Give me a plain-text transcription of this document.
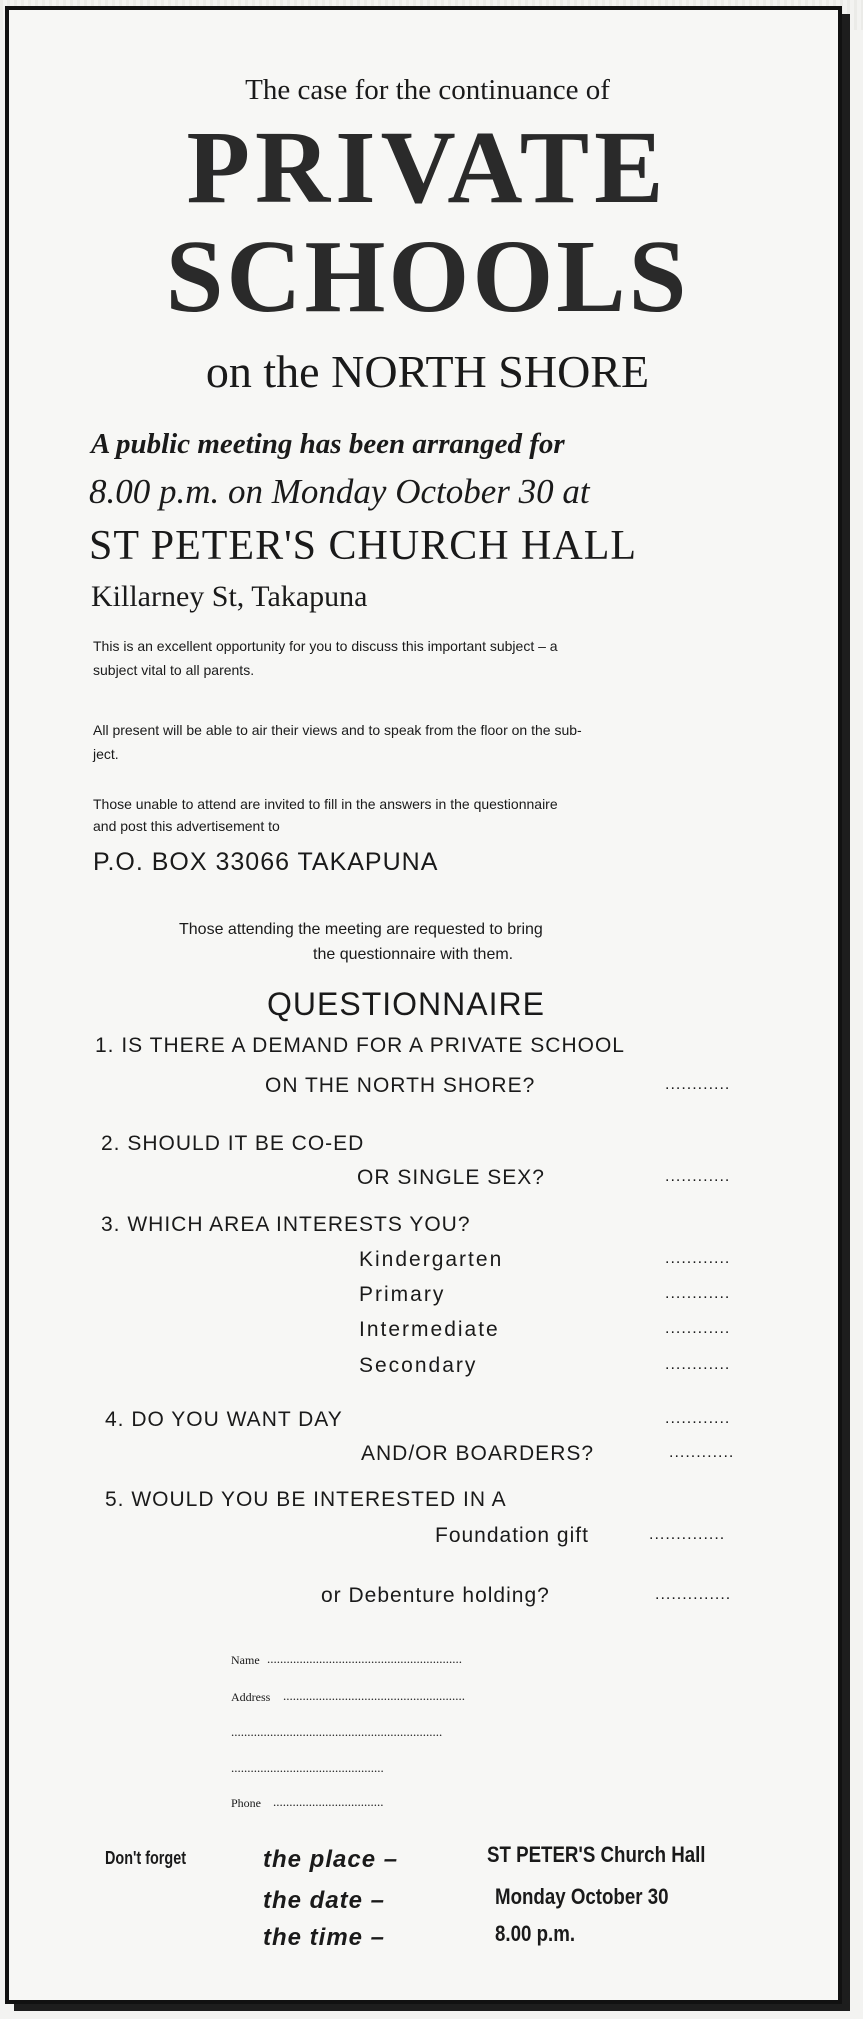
The case for the continuance of
PRIVATE
SCHOOLS
on the NORTH SHORE
A public meeting has been arranged for
8.00 p.m. on Monday October 30 at
ST PETER'S CHURCH HALL
Killarney St, Takapuna
This is an excellent opportunity for you to discuss this important subject – a
subject vital to all parents.
All present will be able to air their views and to speak from the floor on the sub-
ject.
Those unable to attend are invited to fill in the answers in the questionnaire
and post this advertisement to
P.O. BOX 33066 TAKAPUNA
Those attending the meeting are requested to bring
the questionnaire with them.
QUESTIONNAIRE
1. IS THERE A DEMAND FOR A PRIVATE SCHOOL
ON THE NORTH SHORE?	............
2. SHOULD IT BE CO-ED
OR SINGLE SEX?	............
3. WHICH AREA INTERESTS YOU?
Kindergarten	............
Primary	............
Intermediate	............
Secondary	............
4. DO YOU WANT DAY	............
AND/OR BOARDERS?	............
5. WOULD YOU BE INTERESTED IN A
Foundation gift	..............
or Debenture holding?	..............
Name ............................................................
Address ........................................................
.................................................................
...............................................
Phone ..................................
Don't forget	the place –	ST PETER'S Church Hall
the date –	Monday October 30
the time –	8.00 p.m.
